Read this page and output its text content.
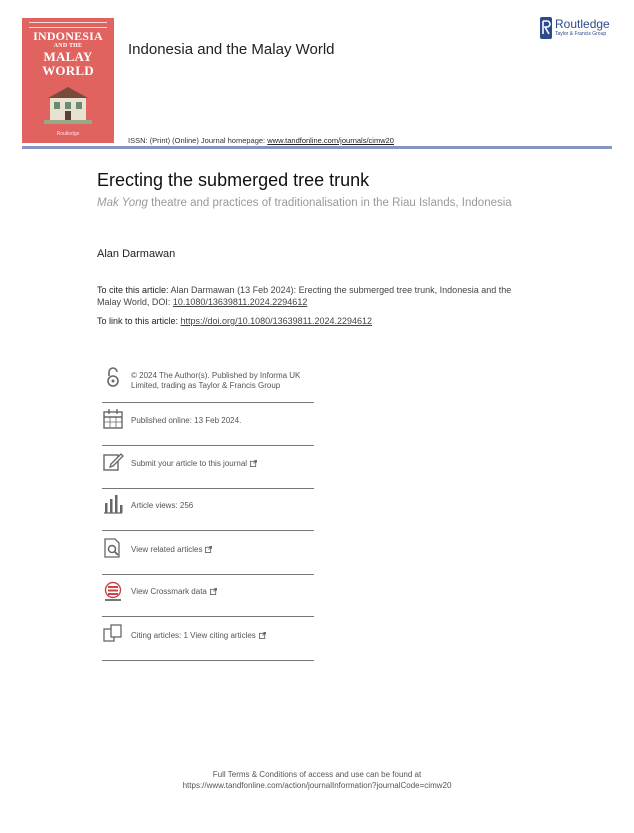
INDONESIA
AND THE
MALAY
WORLD
Routledge
Indonesia and the Malay World
Routledge
Taylor & Francis Group
ISSN: (Print) (Online) Journal homepage: www.tandfonline.com/journals/cimw20
Erecting the submerged tree trunk
Mak Yong theatre and practices of traditionalisation in the Riau Islands, Indonesia
Alan Darmawan
To cite this article: Alan Darmawan (13 Feb 2024): Erecting the submerged tree trunk, Indonesia and the Malay World, DOI: 10.1080/13639811.2024.2294612
To link to this article: https://doi.org/10.1080/13639811.2024.2294612
© 2024 The Author(s). Published by Informa UK Limited, trading as Taylor & Francis Group
Published online: 13 Feb 2024.
Submit your article to this journal
Article views: 256
View related articles
View Crossmark data
Citing articles: 1 View citing articles
Full Terms & Conditions of access and use can be found at
https://www.tandfonline.com/action/journalInformation?journalCode=cimw20
